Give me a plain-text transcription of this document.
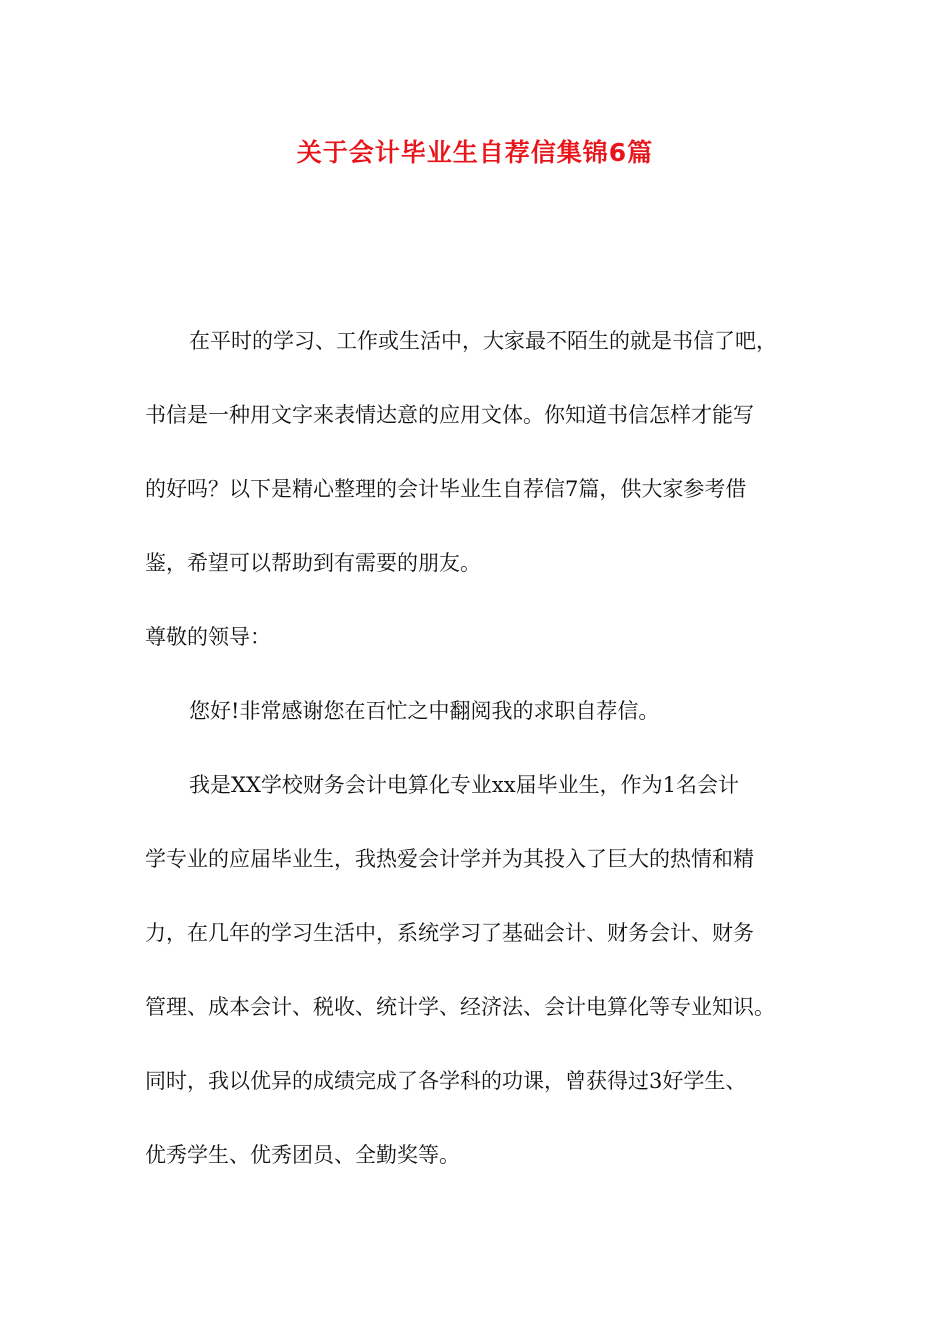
关于会计毕业生自荐信集锦6篇

在平时的学习、工作或生活中，大家最不陌生的就是书信了吧，

书信是一种用文字来表情达意的应用文体。你知道书信怎样才能写

的好吗？以下是精心整理的会计毕业生自荐信7篇，供大家参考借

鉴，希望可以帮助到有需要的朋友。

尊敬的领导：

您好!非常感谢您在百忙之中翻阅我的求职自荐信。

我是XX学校财务会计电算化专业xx届毕业生，作为1名会计

学专业的应届毕业生，我热爱会计学并为其投入了巨大的热情和精

力，在几年的学习生活中，系统学习了基础会计、财务会计、财务

管理、成本会计、税收、统计学、经济法、会计电算化等专业知识。

同时，我以优异的成绩完成了各学科的功课，曾获得过3好学生、

优秀学生、优秀团员、全勤奖等。
